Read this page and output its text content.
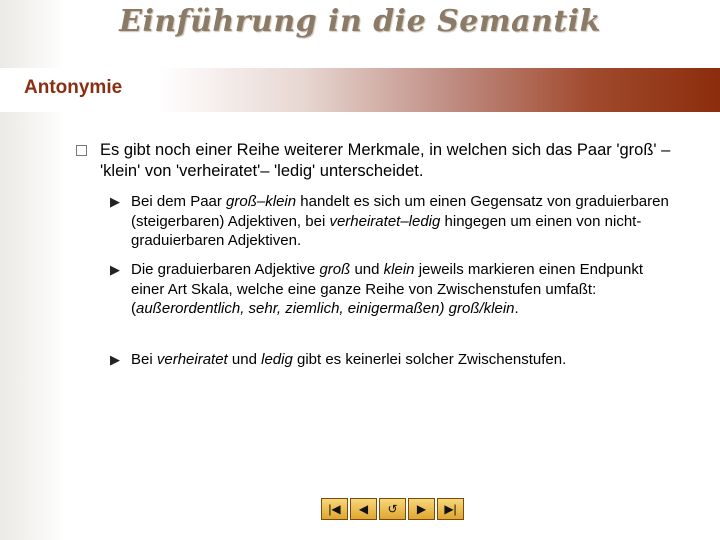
Einführung in die Semantik
Antonymie
Es gibt noch einer Reihe weiterer Merkmale, in welchen sich das Paar 'groß' – 'klein' von 'verheiratet'– 'ledig' unterscheidet.
▶ Bei dem Paar groß–klein handelt es sich um einen Gegensatz von graduierbaren (steigerbaren) Adjektiven, bei verheiratet–ledig hingegen um einen von nicht-graduierbaren Adjektiven.
▶ Die graduierbaren Adjektive groß und klein jeweils markieren einen Endpunkt einer Art Skala, welche eine ganze Reihe von Zwischenstufen umfaßt: (außerordentlich, sehr, ziemlich, einigermaßen) groß/klein.
▶ Bei verheiratet und ledig gibt es keinerlei solcher Zwischenstufen.
|◀ ◀ ↺ ▶ ▶|
